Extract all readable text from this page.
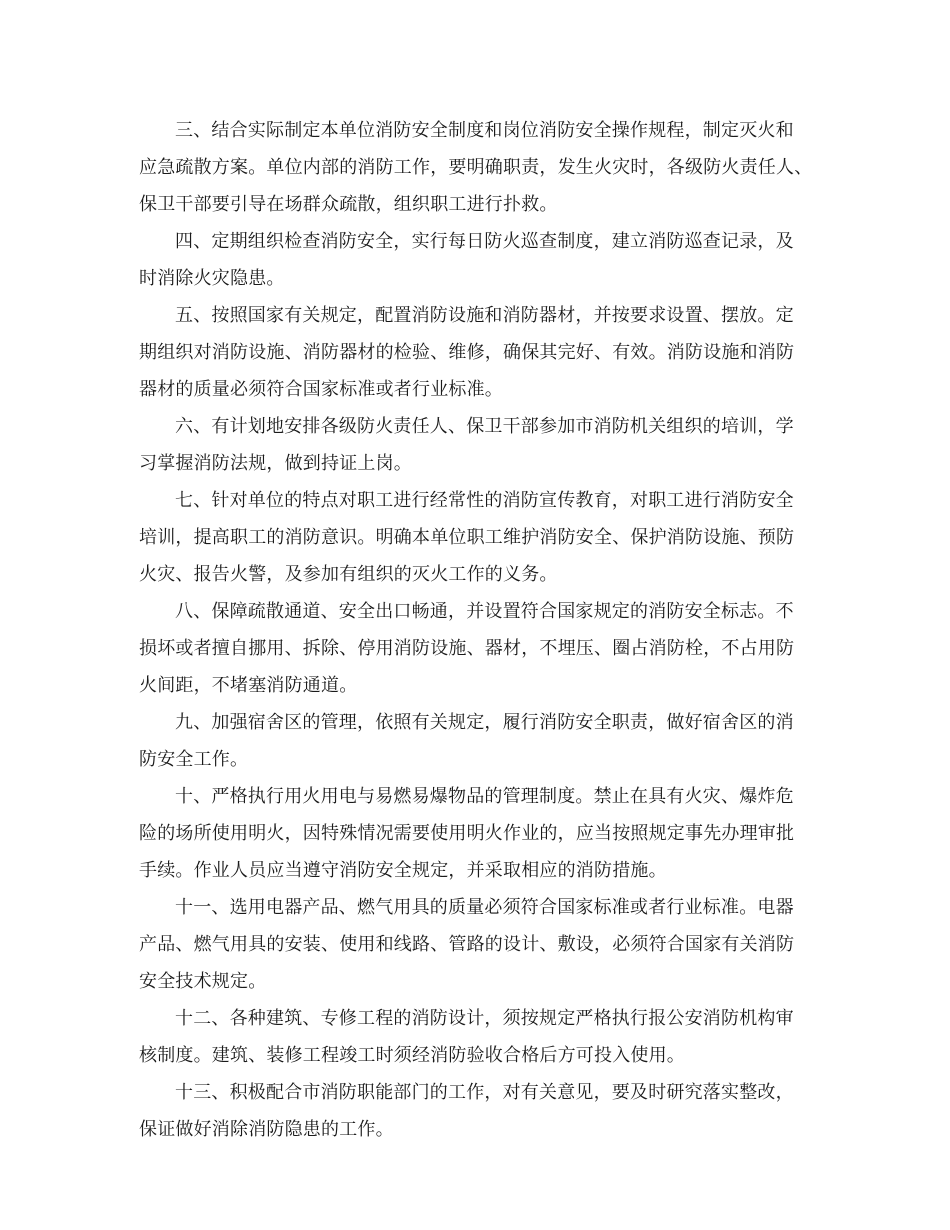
三、结合实际制定本单位消防安全制度和岗位消防安全操作规程，制定灭火和
应急疏散方案。单位内部的消防工作，要明确职责，发生火灾时，各级防火责任人、
保卫干部要引导在场群众疏散，组织职工进行扑救。
四、定期组织检查消防安全，实行每日防火巡查制度，建立消防巡查记录，及
时消除火灾隐患。
五、按照国家有关规定，配置消防设施和消防器材，并按要求设置、摆放。定
期组织对消防设施、消防器材的检验、维修，确保其完好、有效。消防设施和消防
器材的质量必须符合国家标准或者行业标准。
六、有计划地安排各级防火责任人、保卫干部参加市消防机关组织的培训，学
习掌握消防法规，做到持证上岗。
七、针对单位的特点对职工进行经常性的消防宣传教育，对职工进行消防安全
培训，提高职工的消防意识。明确本单位职工维护消防安全、保护消防设施、预防
火灾、报告火警，及参加有组织的灭火工作的义务。
八、保障疏散通道、安全出口畅通，并设置符合国家规定的消防安全标志。不
损坏或者擅自挪用、拆除、停用消防设施、器材，不埋压、圈占消防栓，不占用防
火间距，不堵塞消防通道。
九、加强宿舍区的管理，依照有关规定，履行消防安全职责，做好宿舍区的消
防安全工作。
十、严格执行用火用电与易燃易爆物品的管理制度。禁止在具有火灾、爆炸危
险的场所使用明火，因特殊情况需要使用明火作业的，应当按照规定事先办理审批
手续。作业人员应当遵守消防安全规定，并采取相应的消防措施。
十一、选用电器产品、燃气用具的质量必须符合国家标准或者行业标准。电器
产品、燃气用具的安装、使用和线路、管路的设计、敷设，必须符合国家有关消防
安全技术规定。
十二、各种建筑、专修工程的消防设计，须按规定严格执行报公安消防机构审
核制度。建筑、装修工程竣工时须经消防验收合格后方可投入使用。
十三、积极配合市消防职能部门的工作，对有关意见，要及时研究落实整改，
保证做好消除消防隐患的工作。
